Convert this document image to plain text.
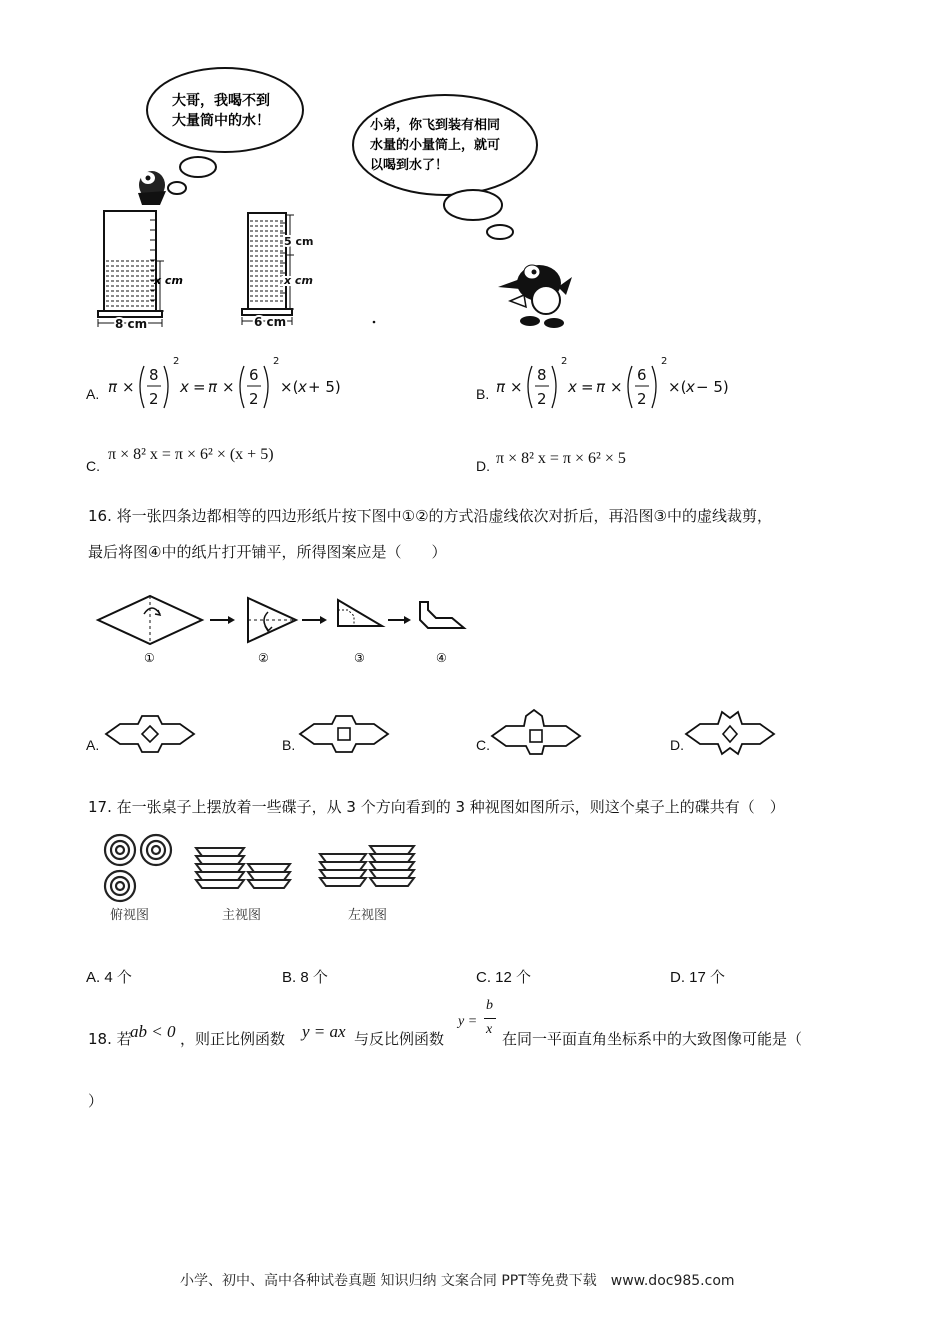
大哥，我喝不到
大量筒中的水！	小弟，你飞到装有相同
水量的小量筒上，就可
以喝到水了！
x cm
8 cm
5 cm
x cm
6 cm
A. π ×
8
2
2
x = π ×
6
2
2
×( x + 5)	B. π ×
8
2
2
x = π ×
6
2
2
×( x − 5)
C.
π × 8² x = π × 6² × (x + 5)
D. π × 8² x = π × 6² × 5
16. 将一张四条边都相等的四边形纸片按下图中①②的方式沿虚线依次对折后，再沿图③中的虚线裁剪，
最后将图④中的纸片打开铺平，所得图案应是（　　）
①	②	③	④
A.	B.	C.	D.
17. 在一张桌子上摆放着一些碟子，从 3 个方向看到的 3 种视图如图所示，则这个桌子上的碟共有（　）
俯视图	主视图	左视图
A. 4 个	B. 8 个	C. 12 个	D. 17 个
18. 若
ab < 0 ，则正比例函数 y = ax 与反比例函数
y =
b
x
在同一平面直角坐标系中的大致图像可能是（
）
小学、初中、高中各种试卷真题 知识归纳 文案合同 PPT等免费下载　www.doc985.com
